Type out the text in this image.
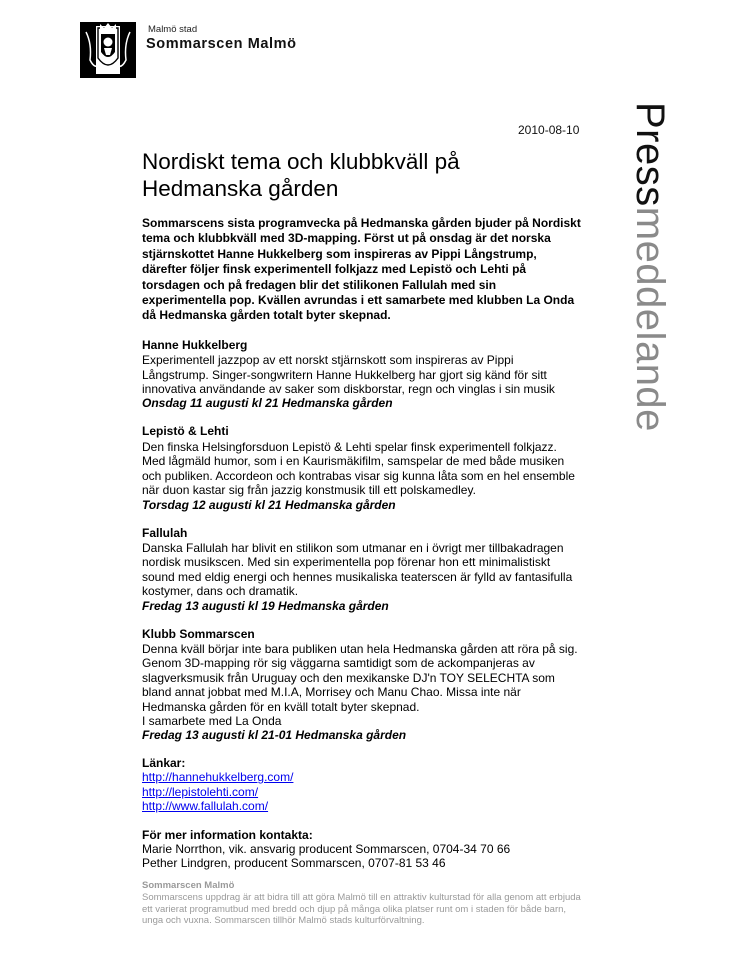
Malmö stad
Sommarscen Malmö
Pressmeddelande
2010-08-10
Nordiskt tema och klubbkväll på
Hedmanska gården

Sommarscens sista programvecka på Hedmanska gården bjuder på Nordiskt tema och klubbkväll med 3D-mapping. Först ut på onsdag är det norska stjärnskottet Hanne Hukkelberg som inspireras av Pippi Långstrump, därefter följer finsk experimentell folkjazz med Lepistö och Lehti på torsdagen och på fredagen blir det stilikonen Fallulah med sin experimentella pop. Kvällen avrundas i ett samarbete med klubben La Onda då Hedmanska gården totalt byter skepnad.

Hanne Hukkelberg

Experimentell jazzpop av ett norskt stjärnskott som inspireras av Pippi Långstrump. Singer-songwritern Hanne Hukkelberg har gjort sig känd för sitt innovativa användande av saker som diskborstar, regn och vinglas i sin musik

Onsdag 11 augusti kl 21 Hedmanska gården

Lepistö & Lehti

Den finska Helsingforsduon Lepistö & Lehti spelar finsk experimentell folkjazz. Med lågmäld humor, som i en Kaurismäkifilm, samspelar de med både musiken och publiken. Accordeon och kontrabas visar sig kunna låta som en hel ensemble när duon kastar sig från jazzig konstmusik till ett polskamedley.

Torsdag 12 augusti kl 21 Hedmanska gården

Fallulah

Danska Fallulah har blivit en stilikon som utmanar en i övrigt mer tillbakadragen nordisk musikscen. Med sin experimentella pop förenar hon ett minimalistiskt sound med eldig energi och hennes musikaliska teaterscen är fylld av fantasifulla kostymer, dans och dramatik.

Fredag 13 augusti kl 19 Hedmanska gården

Klubb Sommarscen

Denna kväll börjar inte bara publiken utan hela Hedmanska gården att röra på sig. Genom 3D-mapping rör sig väggarna samtidigt som de ackompanjeras av slagverksmusik från Uruguay och den mexikanske DJ'n TOY SELECHTA som bland annat jobbat med M.I.A, Morrisey och Manu Chao. Missa inte när Hedmanska gården för en kväll totalt byter skepnad.

I samarbete med La Onda

Fredag 13 augusti kl 21-01 Hedmanska gården

Länkar:
http://hannehukkelberg.com/
http://lepistolehti.com/
http://www.fallulah.com/
För mer information kontakta:
Marie Norrthon, vik. ansvarig producent Sommarscen, 0704-34 70 66
Pether Lindgren, producent Sommarscen, 0707-81 53 46
Sommarscen Malmö

Sommarscens uppdrag är att bidra till att göra Malmö till en attraktiv kulturstad för alla genom att erbjuda ett varierat programutbud med bredd och djup på många olika platser runt om i staden för både barn, unga och vuxna. Sommarscen tillhör Malmö stads kulturförvaltning.
